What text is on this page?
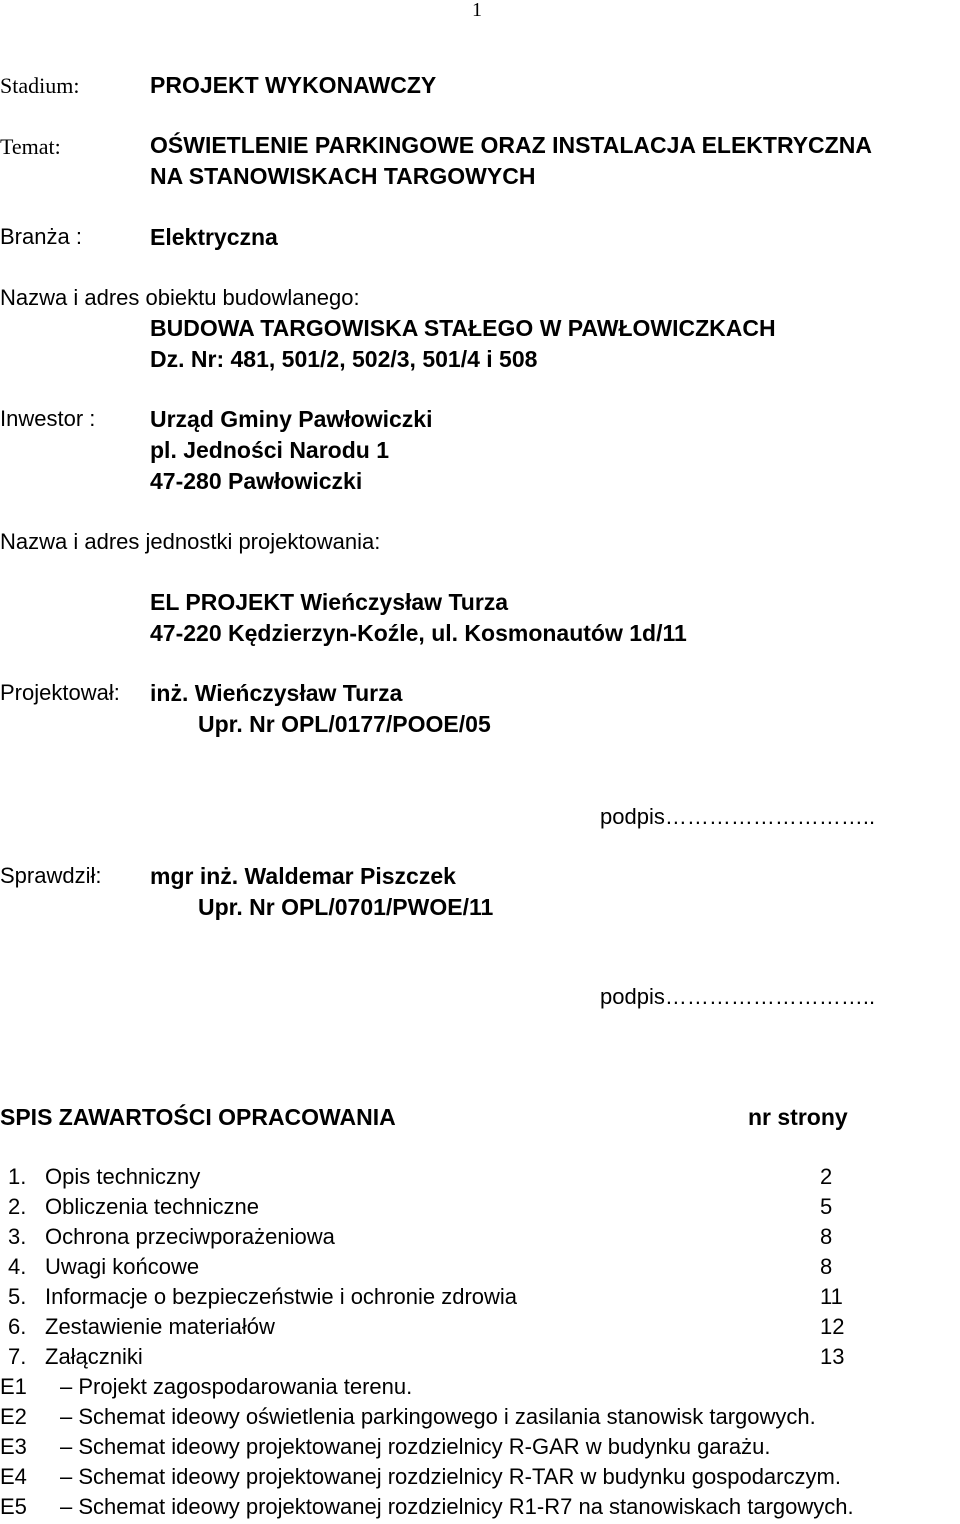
1
Stadium:	PROJEKT WYKONAWCZY
Temat:	OŚWIETLENIE PARKINGOWE ORAZ INSTALACJA ELEKTRYCZNA
NA STANOWISKACH TARGOWYCH
Branża :	Elektryczna
Nazwa i adres obiektu budowlanego:
BUDOWA TARGOWISKA STAŁEGO W PAWŁOWICZKACH
Dz. Nr: 481, 501/2, 502/3, 501/4 i 508
Inwestor : Urząd Gminy Pawłowiczki
pl. Jedności Narodu 1
47-280 Pawłowiczki
Nazwa i adres jednostki projektowania:
EL PROJEKT Wieńczysław Turza
47-220 Kędzierzyn-Koźle, ul. Kosmonautów 1d/11
Projektował: inż. Wieńczysław Turza
Upr. Nr OPL/0177/POOE/05
podpis………………………..
Sprawdził: mgr inż. Waldemar Piszczek
Upr. Nr OPL/0701/PWOE/11
podpis………………………..
SPIS ZAWARTOŚCI OPRACOWANIA	nr strony
1. Opis techniczny	2
2. Obliczenia techniczne	5
3. Ochrona przeciwporażeniowa	8
4. Uwagi końcowe	8
5. Informacje o bezpieczeństwie i ochronie zdrowia	11
6. Zestawienie materiałów	12
7. Załączniki	13
E1 – Projekt zagospodarowania terenu.
E2 – Schemat ideowy oświetlenia parkingowego i zasilania stanowisk targowych.
E3 – Schemat ideowy projektowanej rozdzielnicy R-GAR w budynku garażu.
E4 – Schemat ideowy projektowanej rozdzielnicy R-TAR w budynku gospodarczym.
E5 – Schemat ideowy projektowanej rozdzielnicy R1-R7 na stanowiskach targowych.
